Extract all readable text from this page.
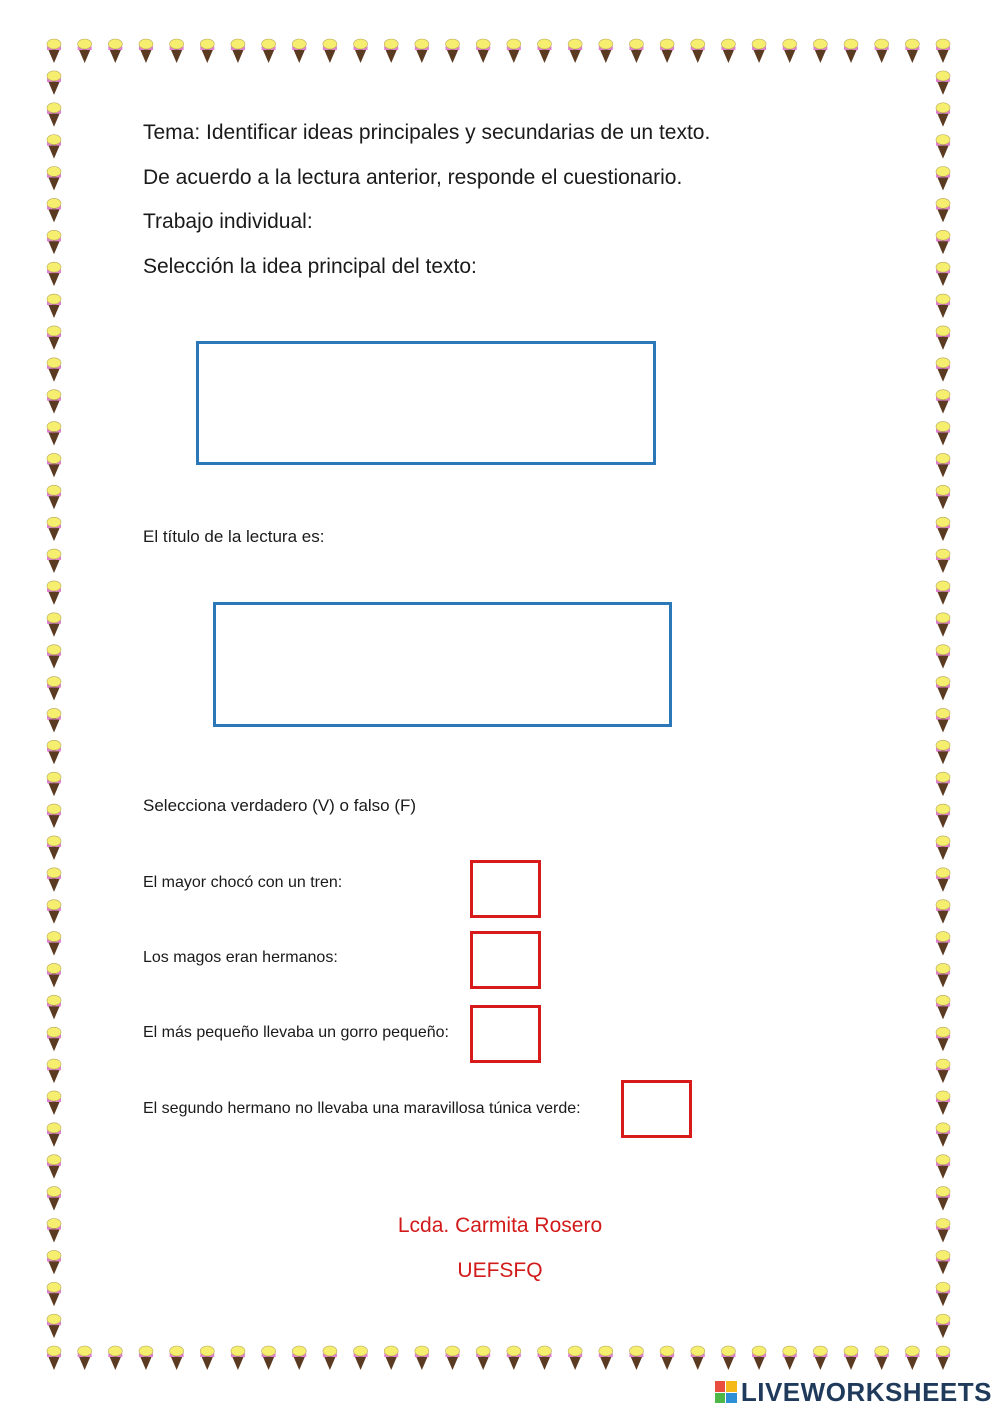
Tema: Identificar ideas principales y secundarias de un texto.
De acuerdo a la lectura anterior, responde el cuestionario.
Trabajo individual:
Selección la idea principal del texto:
El título de la lectura es:
Selecciona verdadero (V) o falso (F)
El mayor chocó con un tren:
Los magos eran hermanos:
El más pequeño llevaba un gorro pequeño:
El segundo hermano no llevaba una maravillosa túnica verde:
Lcda. Carmita Rosero
UEFSFQ
LIVEWORKSHEETS
